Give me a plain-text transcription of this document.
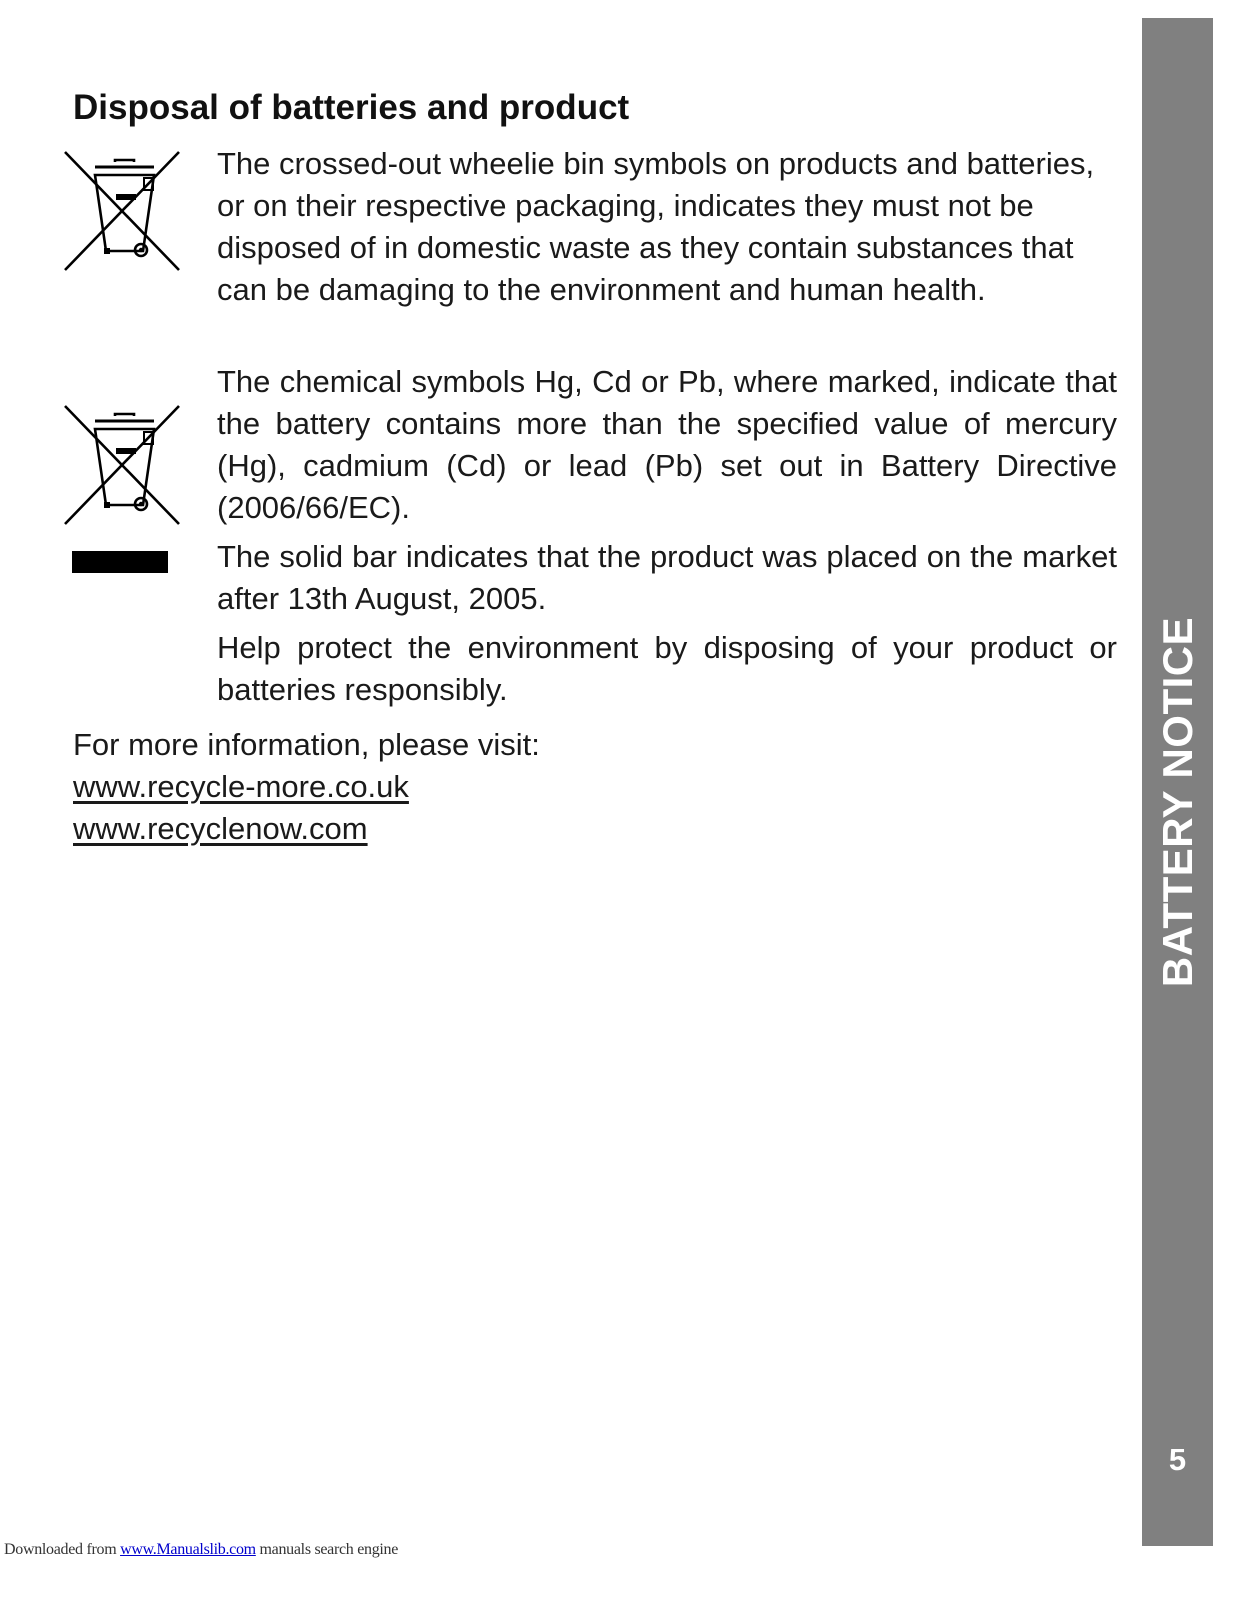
Disposal of batteries and product

The crossed-out wheelie bin symbols on products and batteries, or on their respective packaging, indicates they must not be disposed of in domestic waste as they contain substances that can be damaging to the environment and human health.

The chemical symbols Hg, Cd or Pb, where marked, indicate that the battery contains more than the specified value of mercury (Hg), cadmium (Cd) or lead (Pb) set out in Battery Directive (2006/66/EC).

The solid bar indicates that the product was placed on the market after 13th August, 2005.

Help protect the environment by disposing of your product or batteries responsibly.

For more information, please visit:

www.recycle-more.co.uk
www.recyclenow.com	BATTERY NOTICE
5
Downloaded from www.Manualslib.com manuals search engine
